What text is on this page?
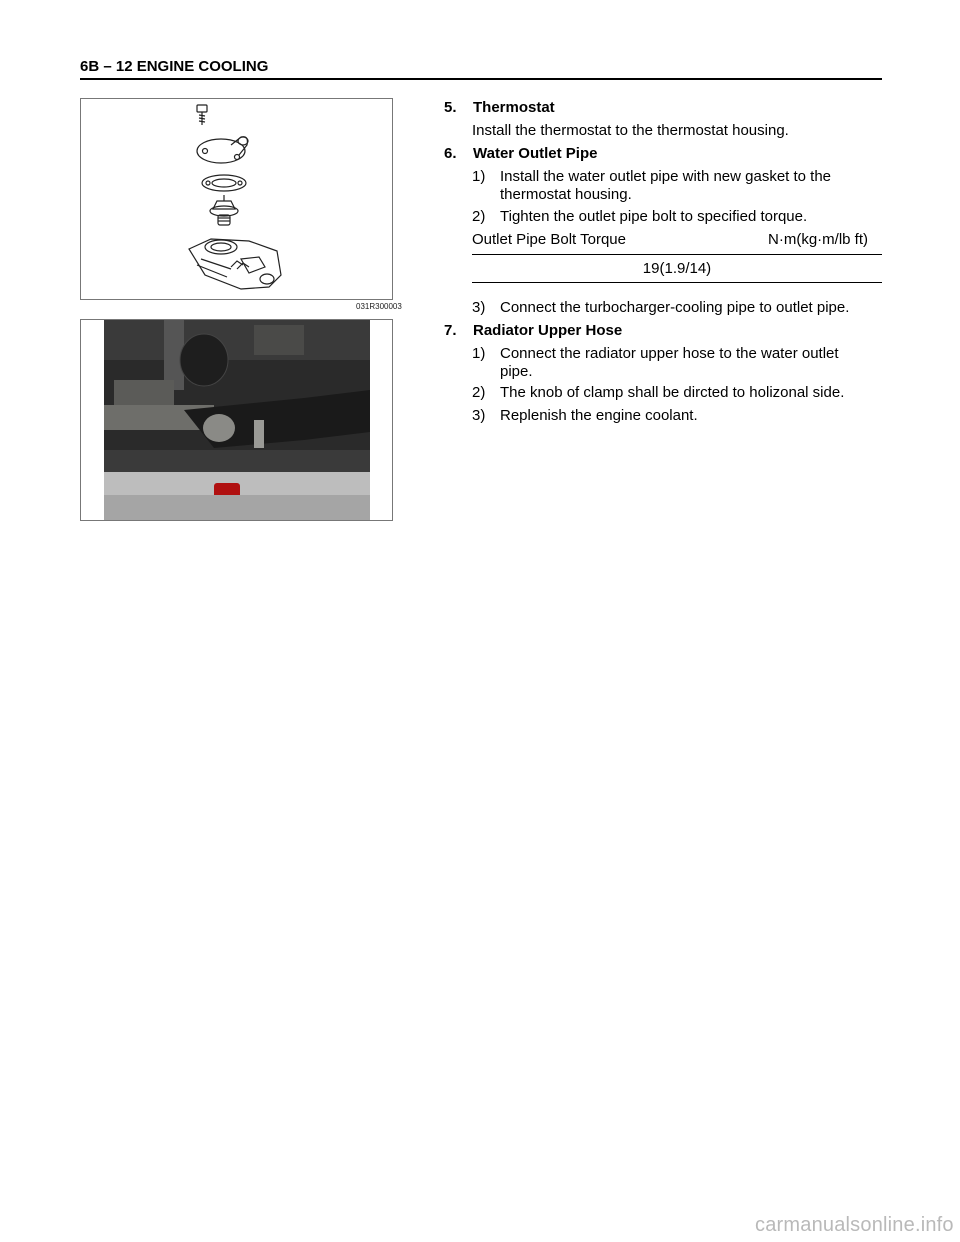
6B – 12 ENGINE COOLING
031R300003
5. Thermostat
Install the thermostat to the thermostat housing.
6. Water Outlet Pipe
1) Install the water outlet pipe with new gasket to the
thermostat housing.
2) Tighten the outlet pipe bolt to specified torque.
Outlet Pipe Bolt Torque	N·m(kg·m/lb ft)
19(1.9/14)
3) Connect the turbocharger-cooling pipe to outlet pipe.
7. Radiator Upper Hose
1) Connect the radiator upper hose to the water outlet
pipe.
2) The knob of clamp shall be dircted to holizonal side.
3) Replenish the engine coolant.
carmanualsonline.info
